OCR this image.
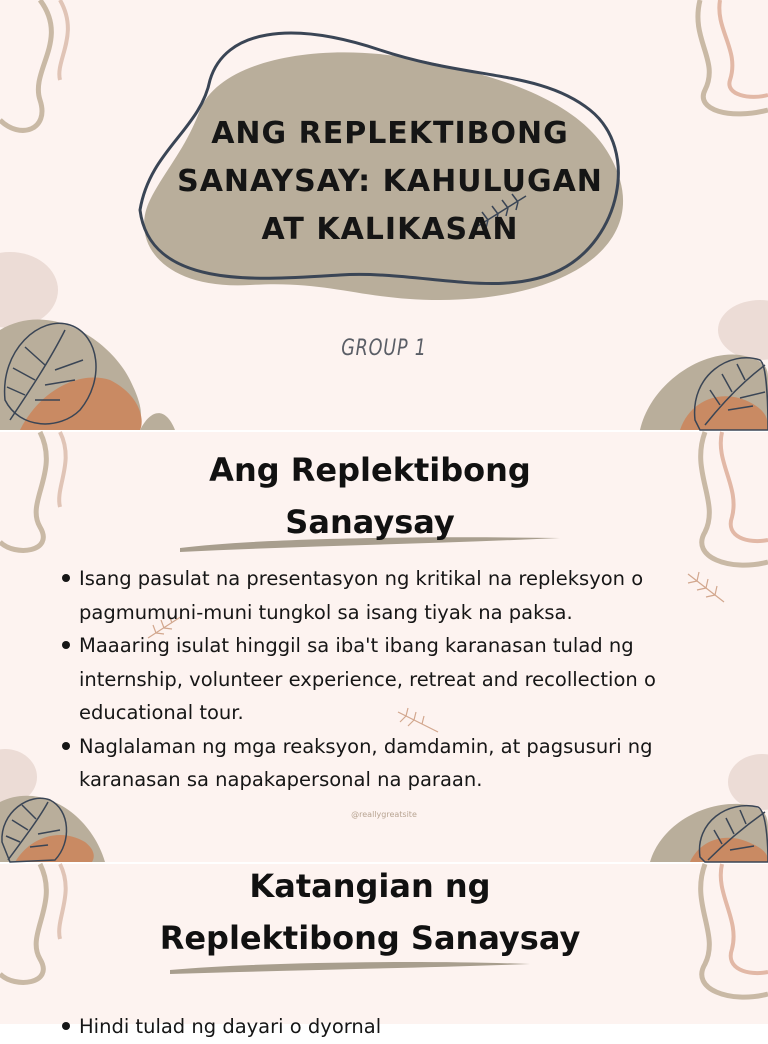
ANG REPLEKTIBONG SANAYSAY: KAHULUGAN AT KALIKASAN
GROUP 1
Ang Replektibong
Sanaysay
Isang pasulat na presentasyon ng kritikal na repleksyon o pagmumuni-muni tungkol sa isang tiyak na paksa.
Maaaring isulat hinggil sa iba't ibang karanasan tulad ng internship, volunteer experience, retreat and recollection o educational tour.
Naglalaman ng mga reaksyon, damdamin, at pagsusuri ng karanasan sa napakapersonal na paraan.
@reallygreatsite
Katangian ng
Replektibong Sanaysay
Hindi tulad ng dayari o dyornal
